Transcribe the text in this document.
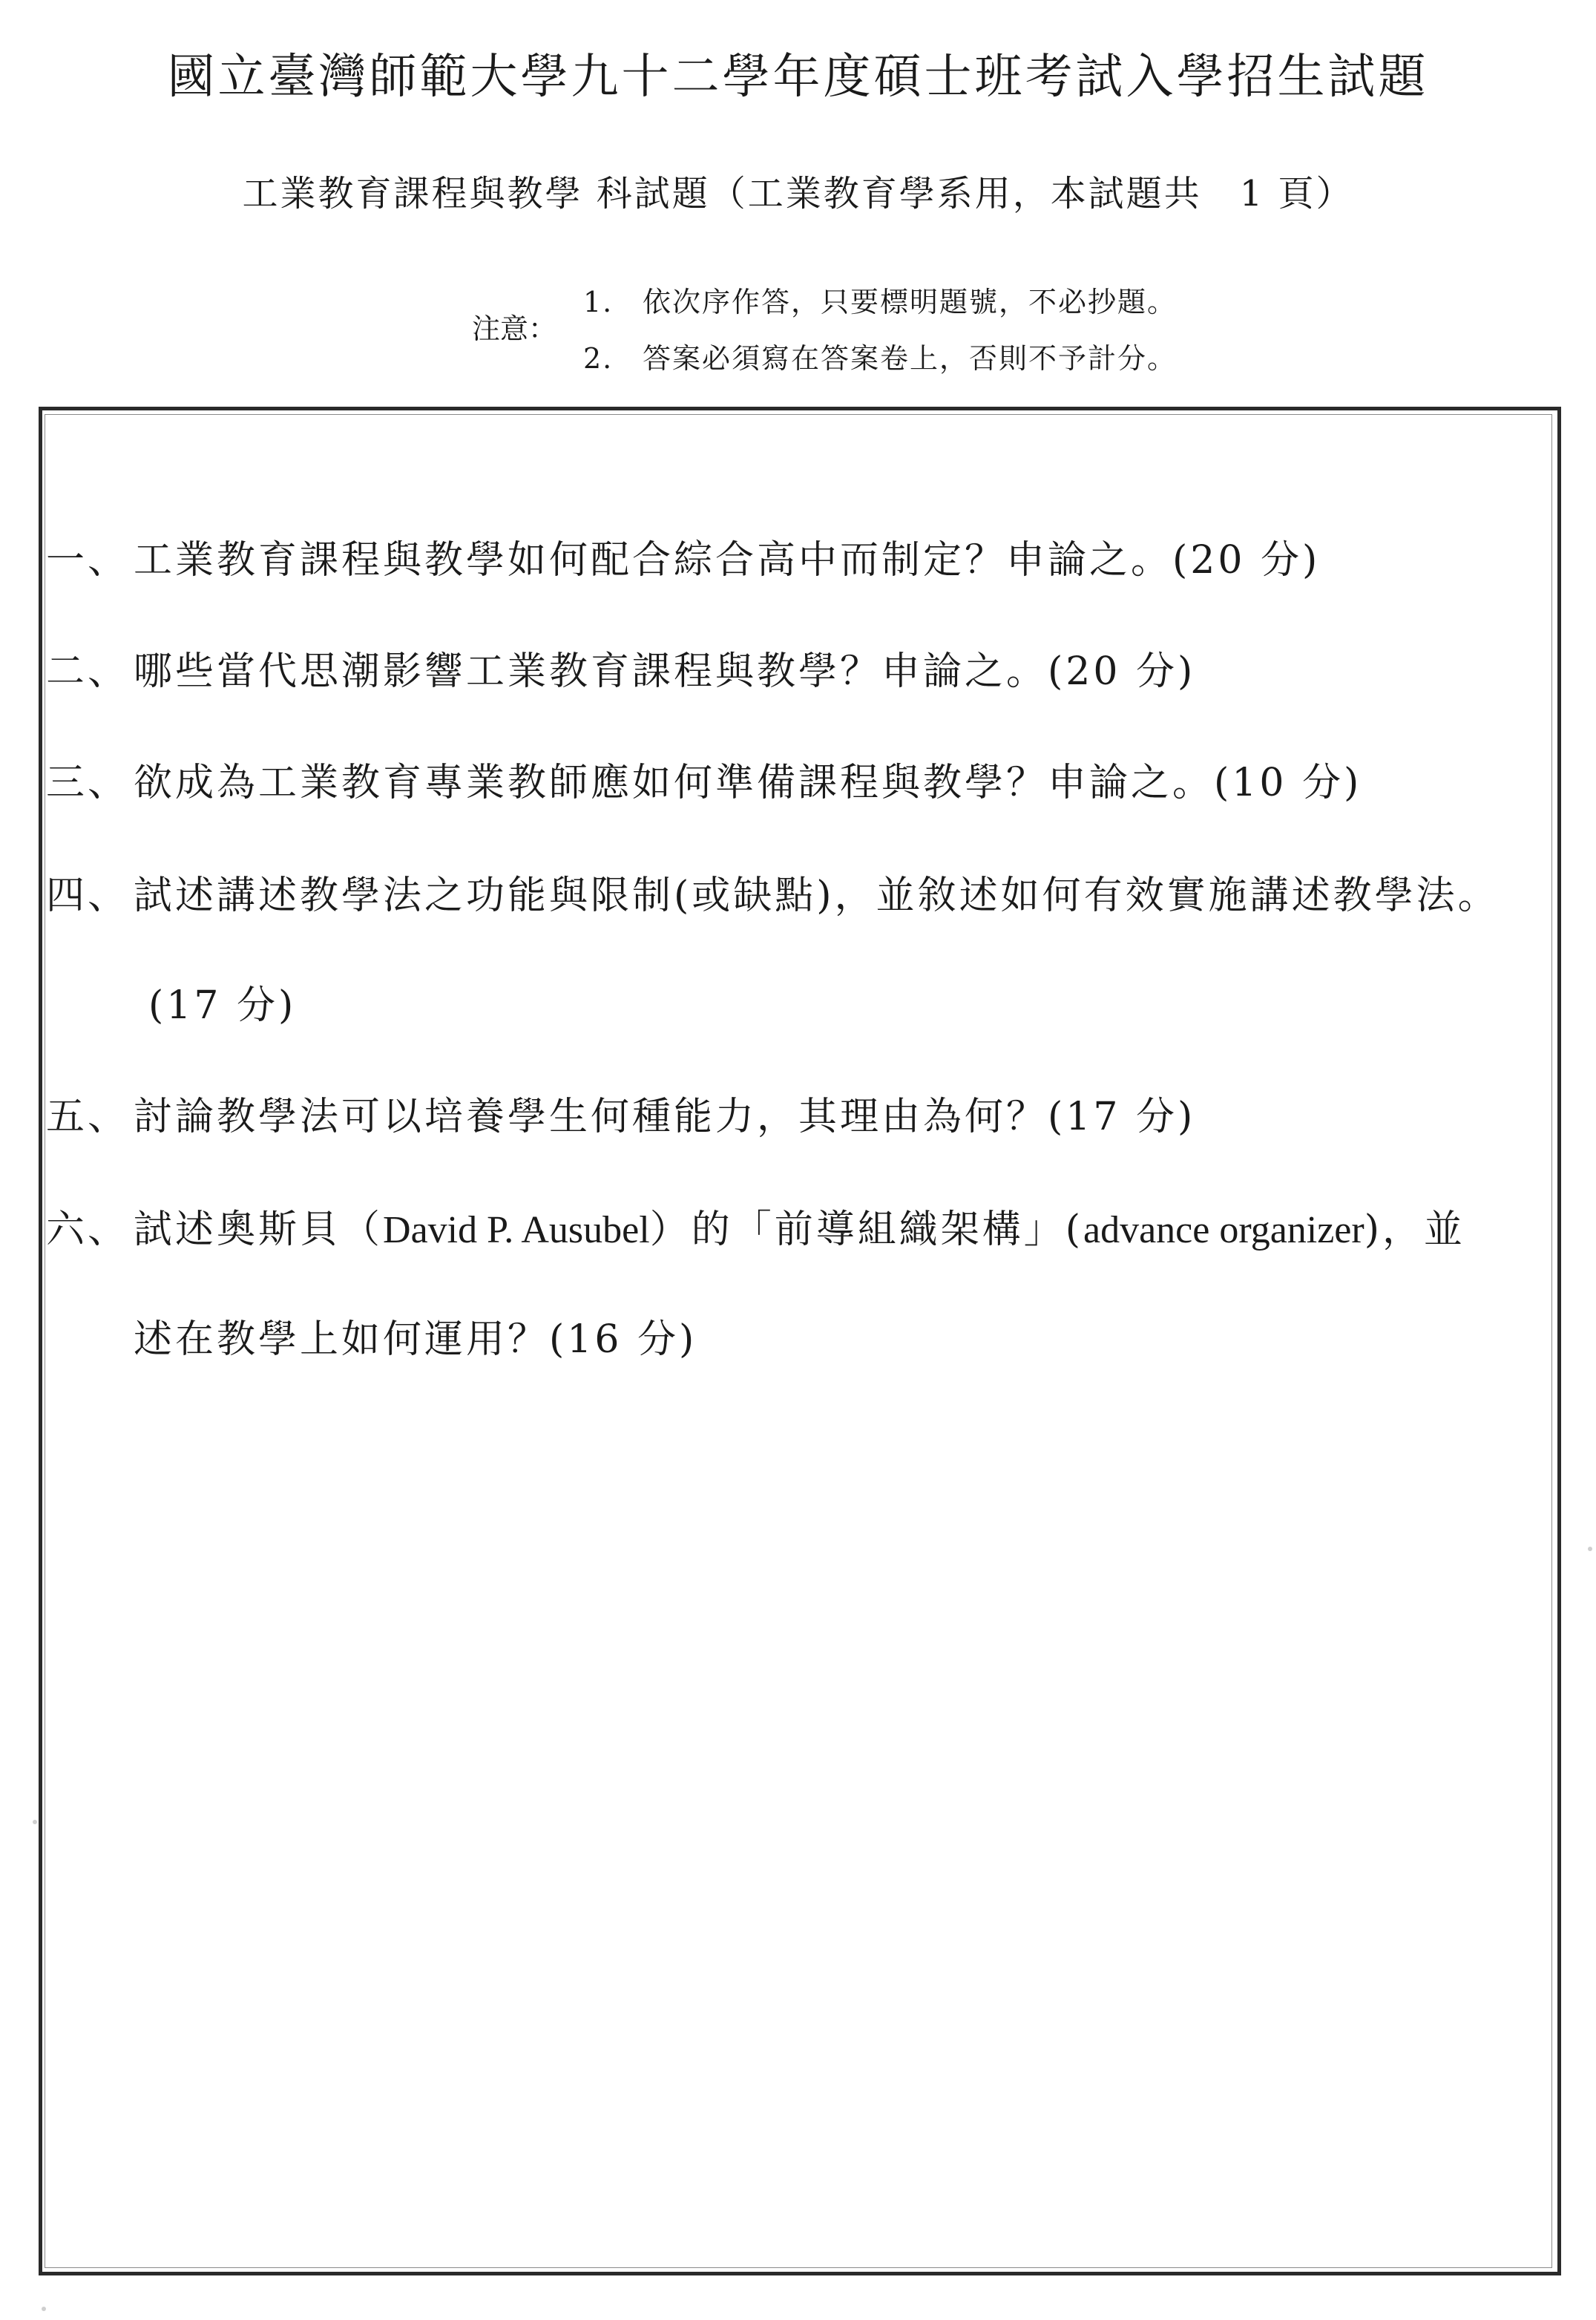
國立臺灣師範大學九十二學年度碩士班考試入學招生試題
工業教育課程與教學 科試題（工業教育學系用，本試題共　1 頁）
注意：
1. 依次序作答，只要標明題號，不必抄題。
2. 答案必須寫在答案卷上，否則不予計分。
一、 工業教育課程與教學如何配合綜合高中而制定？申論之。(20 分)
二、 哪些當代思潮影響工業教育課程與教學？申論之。(20 分)
三、 欲成為工業教育專業教師應如何準備課程與教學？申論之。(10 分)
四、 試述講述教學法之功能與限制(或缺點)，並敘述如何有效實施講述教學法。
(17 分)
五、 討論教學法可以培養學生何種能力，其理由為何？(17 分)
六、 試述奧斯貝（David P. Ausubel）的「前導組織架構」(advance organizer)，並
述在教學上如何運用？(16 分)
